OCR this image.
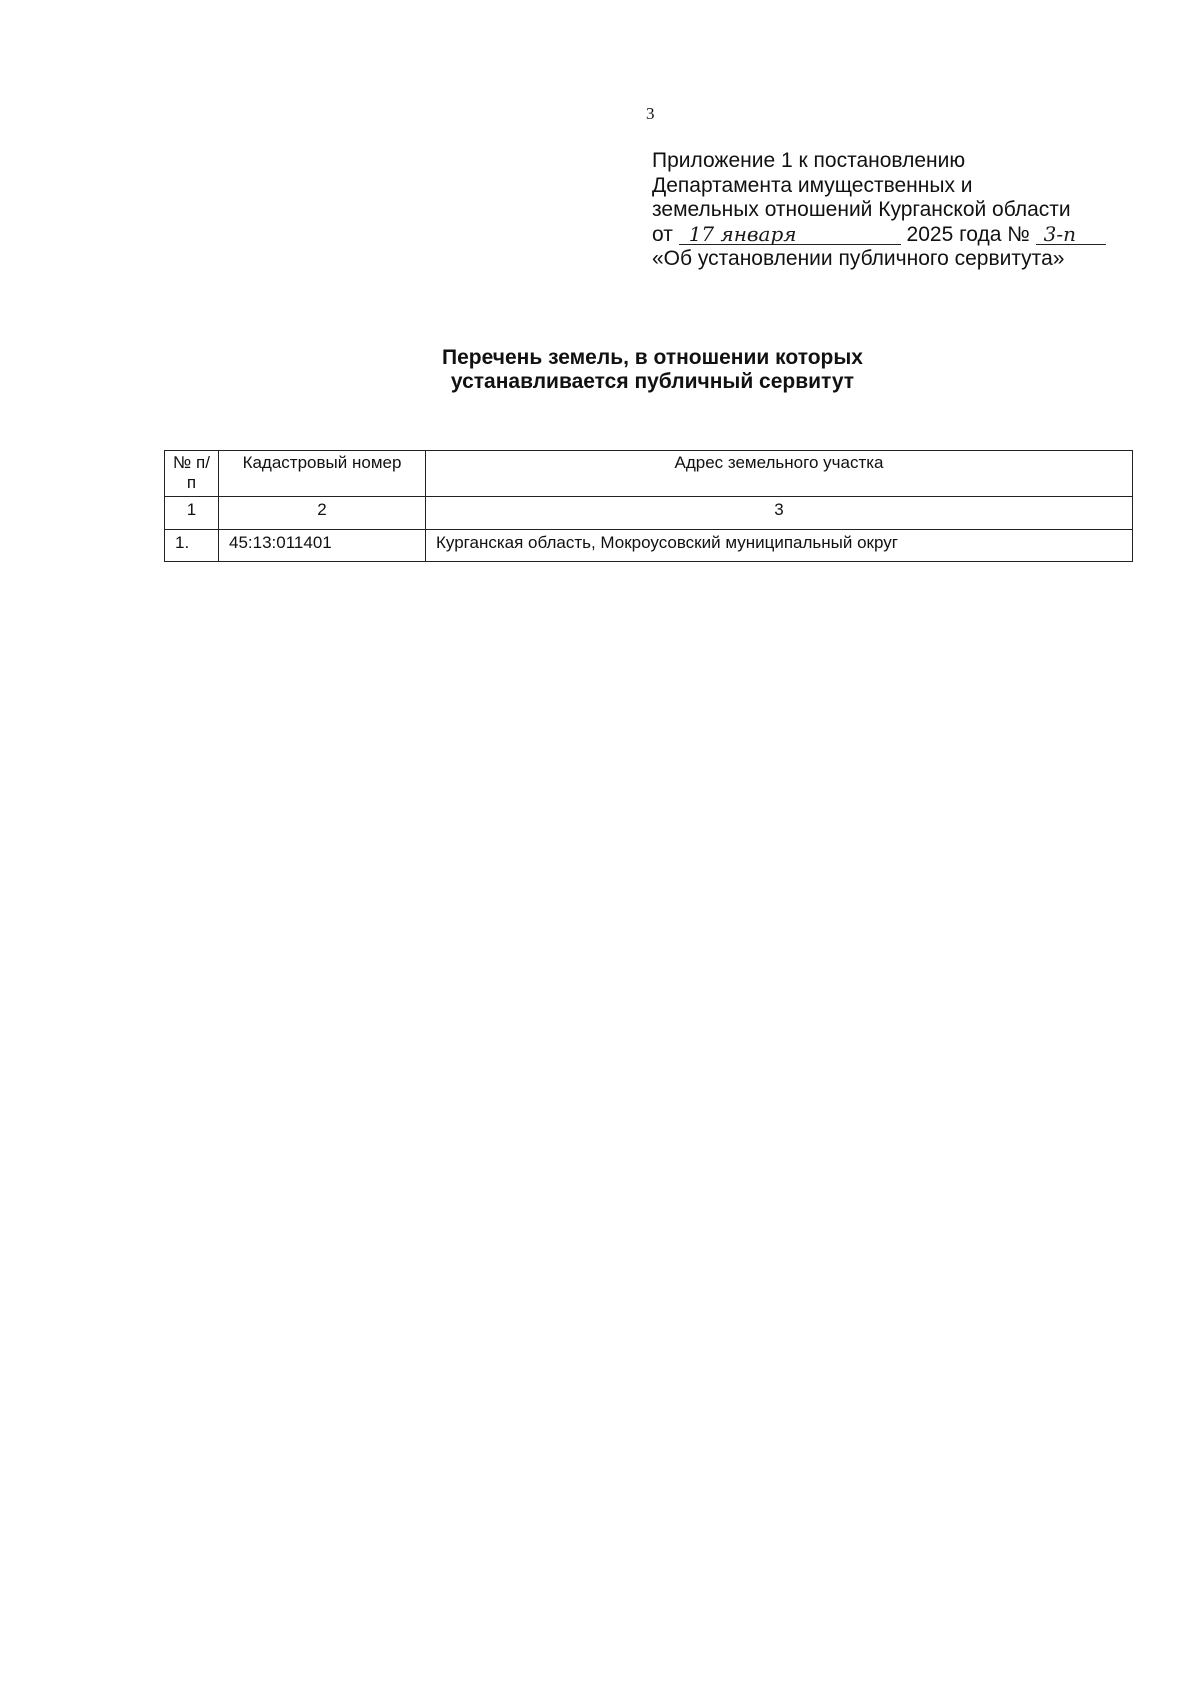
3
Приложение 1 к постановлению
Департамента имущественных и
земельных отношений Курганской области
от 17 января	2025 года № 3-п
«Об установлении публичного сервитута»
Перечень земель, в отношении которых
устанавливается публичный сервитут
№ п/п	Кадастровый номер	Адрес земельного участка
1	2	3
1.	45:13:011401	Курганская область, Мокроусовский муниципальный округ
